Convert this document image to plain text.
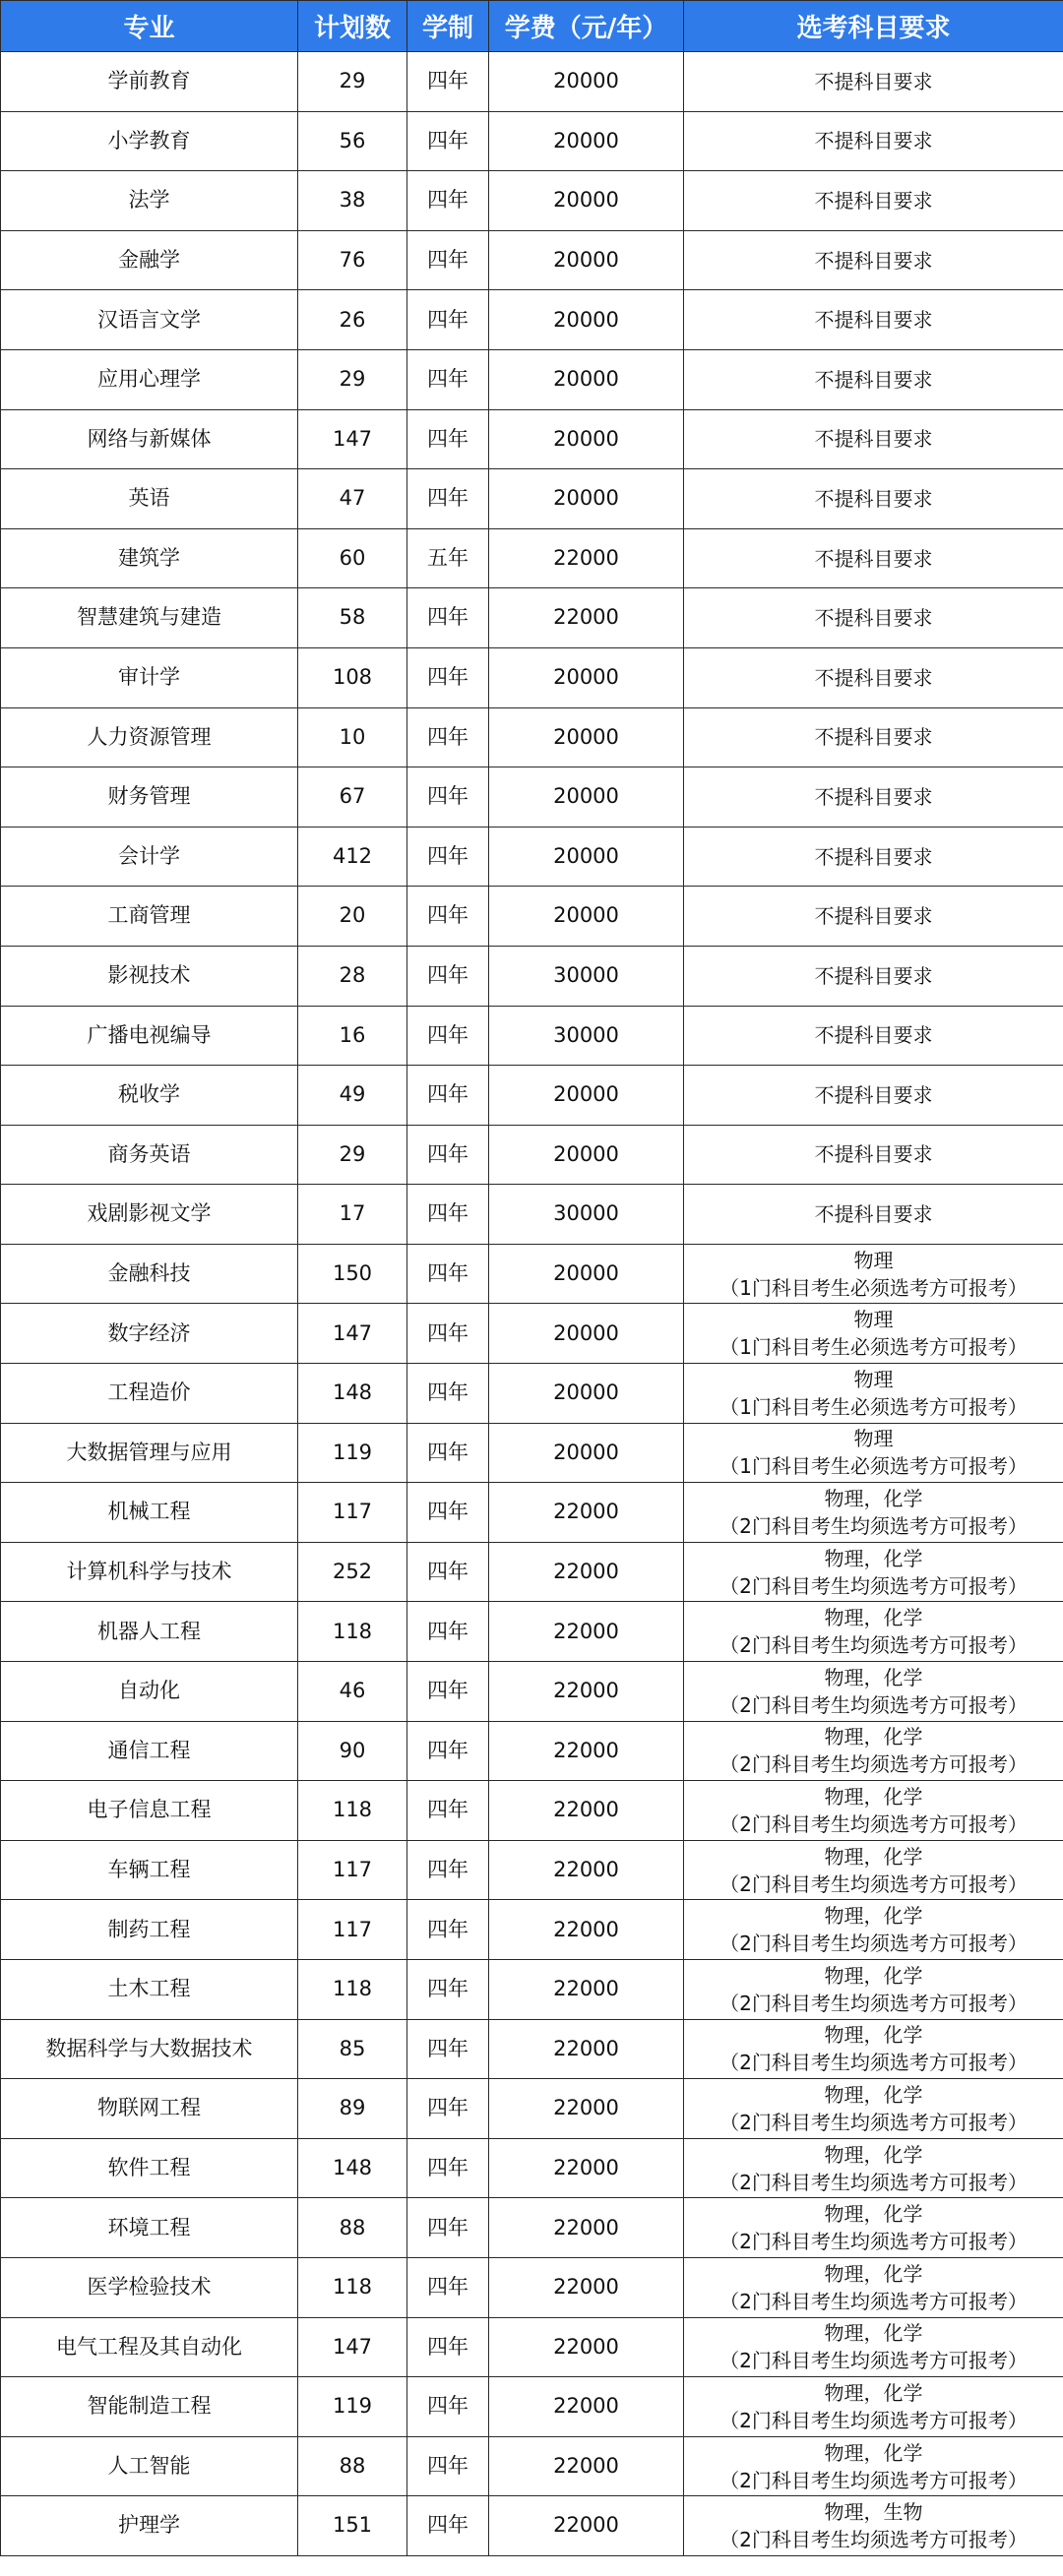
专业	计划数	学制	学费（元/年）	选考科目要求
学前教育	29	四年	20000	不提科目要求

小学教育	56	四年	20000	不提科目要求

法学	38	四年	20000	不提科目要求

金融学	76	四年	20000	不提科目要求

汉语言文学	26	四年	20000	不提科目要求

应用心理学	29	四年	20000	不提科目要求

网络与新媒体	147	四年	20000	不提科目要求

英语	47	四年	20000	不提科目要求

建筑学	60	五年	22000	不提科目要求

智慧建筑与建造	58	四年	22000	不提科目要求

审计学	108	四年	20000	不提科目要求

人力资源管理	10	四年	20000	不提科目要求

财务管理	67	四年	20000	不提科目要求

会计学	412	四年	20000	不提科目要求

工商管理	20	四年	20000	不提科目要求

影视技术	28	四年	30000	不提科目要求

广播电视编导	16	四年	30000	不提科目要求

税收学	49	四年	20000	不提科目要求

商务英语	29	四年	20000	不提科目要求

戏剧影视文学	17	四年	30000	不提科目要求

金融科技	150	四年	20000	物理
（1门科目考生必须选考方可报考）

数字经济	147	四年	20000	物理
（1门科目考生必须选考方可报考）

工程造价	148	四年	20000	物理
（1门科目考生必须选考方可报考）

大数据管理与应用	119	四年	20000	物理
（1门科目考生必须选考方可报考）

机械工程	117	四年	22000	物理，化学
（2门科目考生均须选考方可报考）

计算机科学与技术	252	四年	22000	物理，化学
（2门科目考生均须选考方可报考）

机器人工程	118	四年	22000	物理，化学
（2门科目考生均须选考方可报考）

自动化	46	四年	22000	物理，化学
（2门科目考生均须选考方可报考）

通信工程	90	四年	22000	物理，化学
（2门科目考生均须选考方可报考）

电子信息工程	118	四年	22000	物理，化学
（2门科目考生均须选考方可报考）

车辆工程	117	四年	22000	物理，化学
（2门科目考生均须选考方可报考）

制药工程	117	四年	22000	物理，化学
（2门科目考生均须选考方可报考）

土木工程	118	四年	22000	物理，化学
（2门科目考生均须选考方可报考）

数据科学与大数据技术	85	四年	22000	物理，化学
（2门科目考生均须选考方可报考）

物联网工程	89	四年	22000	物理，化学
（2门科目考生均须选考方可报考）

软件工程	148	四年	22000	物理，化学
（2门科目考生均须选考方可报考）

环境工程	88	四年	22000	物理，化学
（2门科目考生均须选考方可报考）

医学检验技术	118	四年	22000	物理，化学
（2门科目考生均须选考方可报考）

电气工程及其自动化	147	四年	22000	物理，化学
（2门科目考生均须选考方可报考）

智能制造工程	119	四年	22000	物理，化学
（2门科目考生均须选考方可报考）

人工智能	88	四年	22000	物理，化学
（2门科目考生均须选考方可报考）

护理学	151	四年	22000	物理，生物
（2门科目考生均须选考方可报考）
